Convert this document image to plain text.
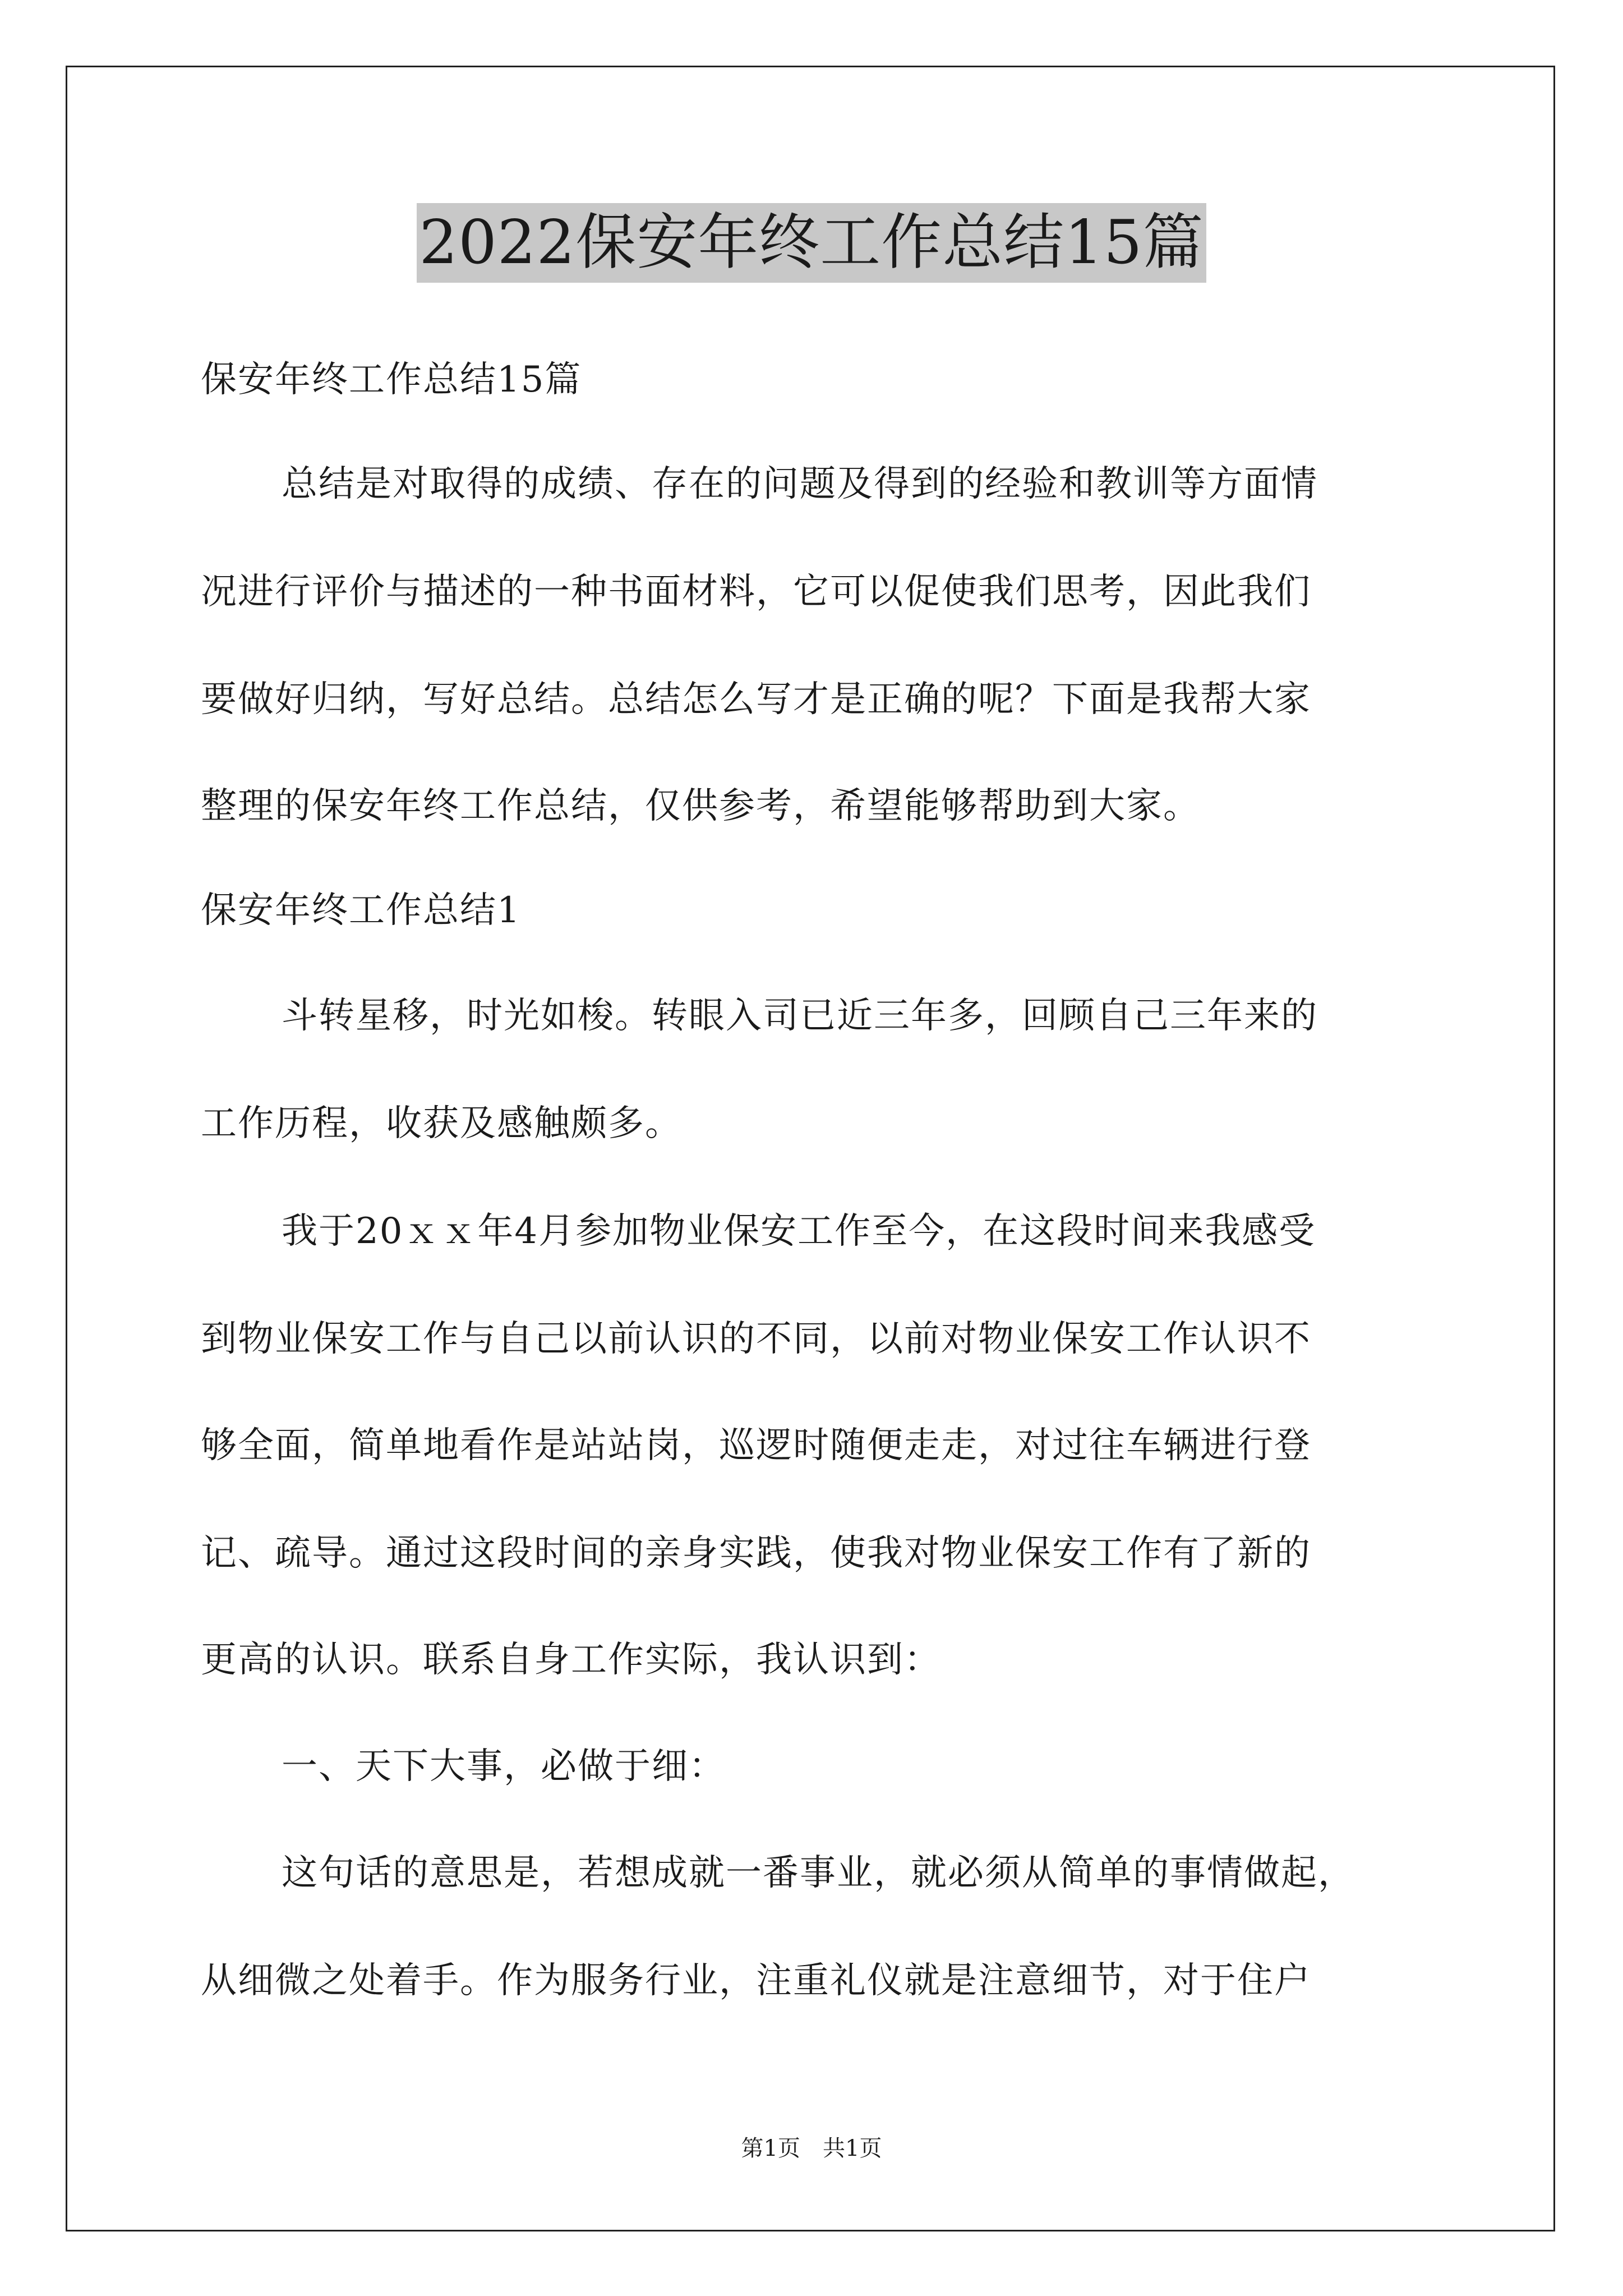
2022保安年终工作总结15篇
保安年终工作总结15篇
总结是对取得的成绩、存在的问题及得到的经验和教训等方面情
况进行评价与描述的一种书面材料，它可以促使我们思考，因此我们
要做好归纳，写好总结。总结怎么写才是正确的呢？下面是我帮大家
整理的保安年终工作总结，仅供参考，希望能够帮助到大家。
保安年终工作总结1
斗转星移，时光如梭。转眼入司已近三年多，回顾自己三年来的
工作历程，收获及感触颇多。
我于20ｘｘ年4月参加物业保安工作至今，在这段时间来我感受
到物业保安工作与自己以前认识的不同，以前对物业保安工作认识不
够全面，简单地看作是站站岗，巡逻时随便走走，对过往车辆进行登
记、疏导。通过这段时间的亲身实践，使我对物业保安工作有了新的
更高的认识。联系自身工作实际，我认识到：
一、天下大事，必做于细：
这句话的意思是，若想成就一番事业，就必须从简单的事情做起，
从细微之处着手。作为服务行业，注重礼仪就是注意细节，对于住户
第1页　共1页
